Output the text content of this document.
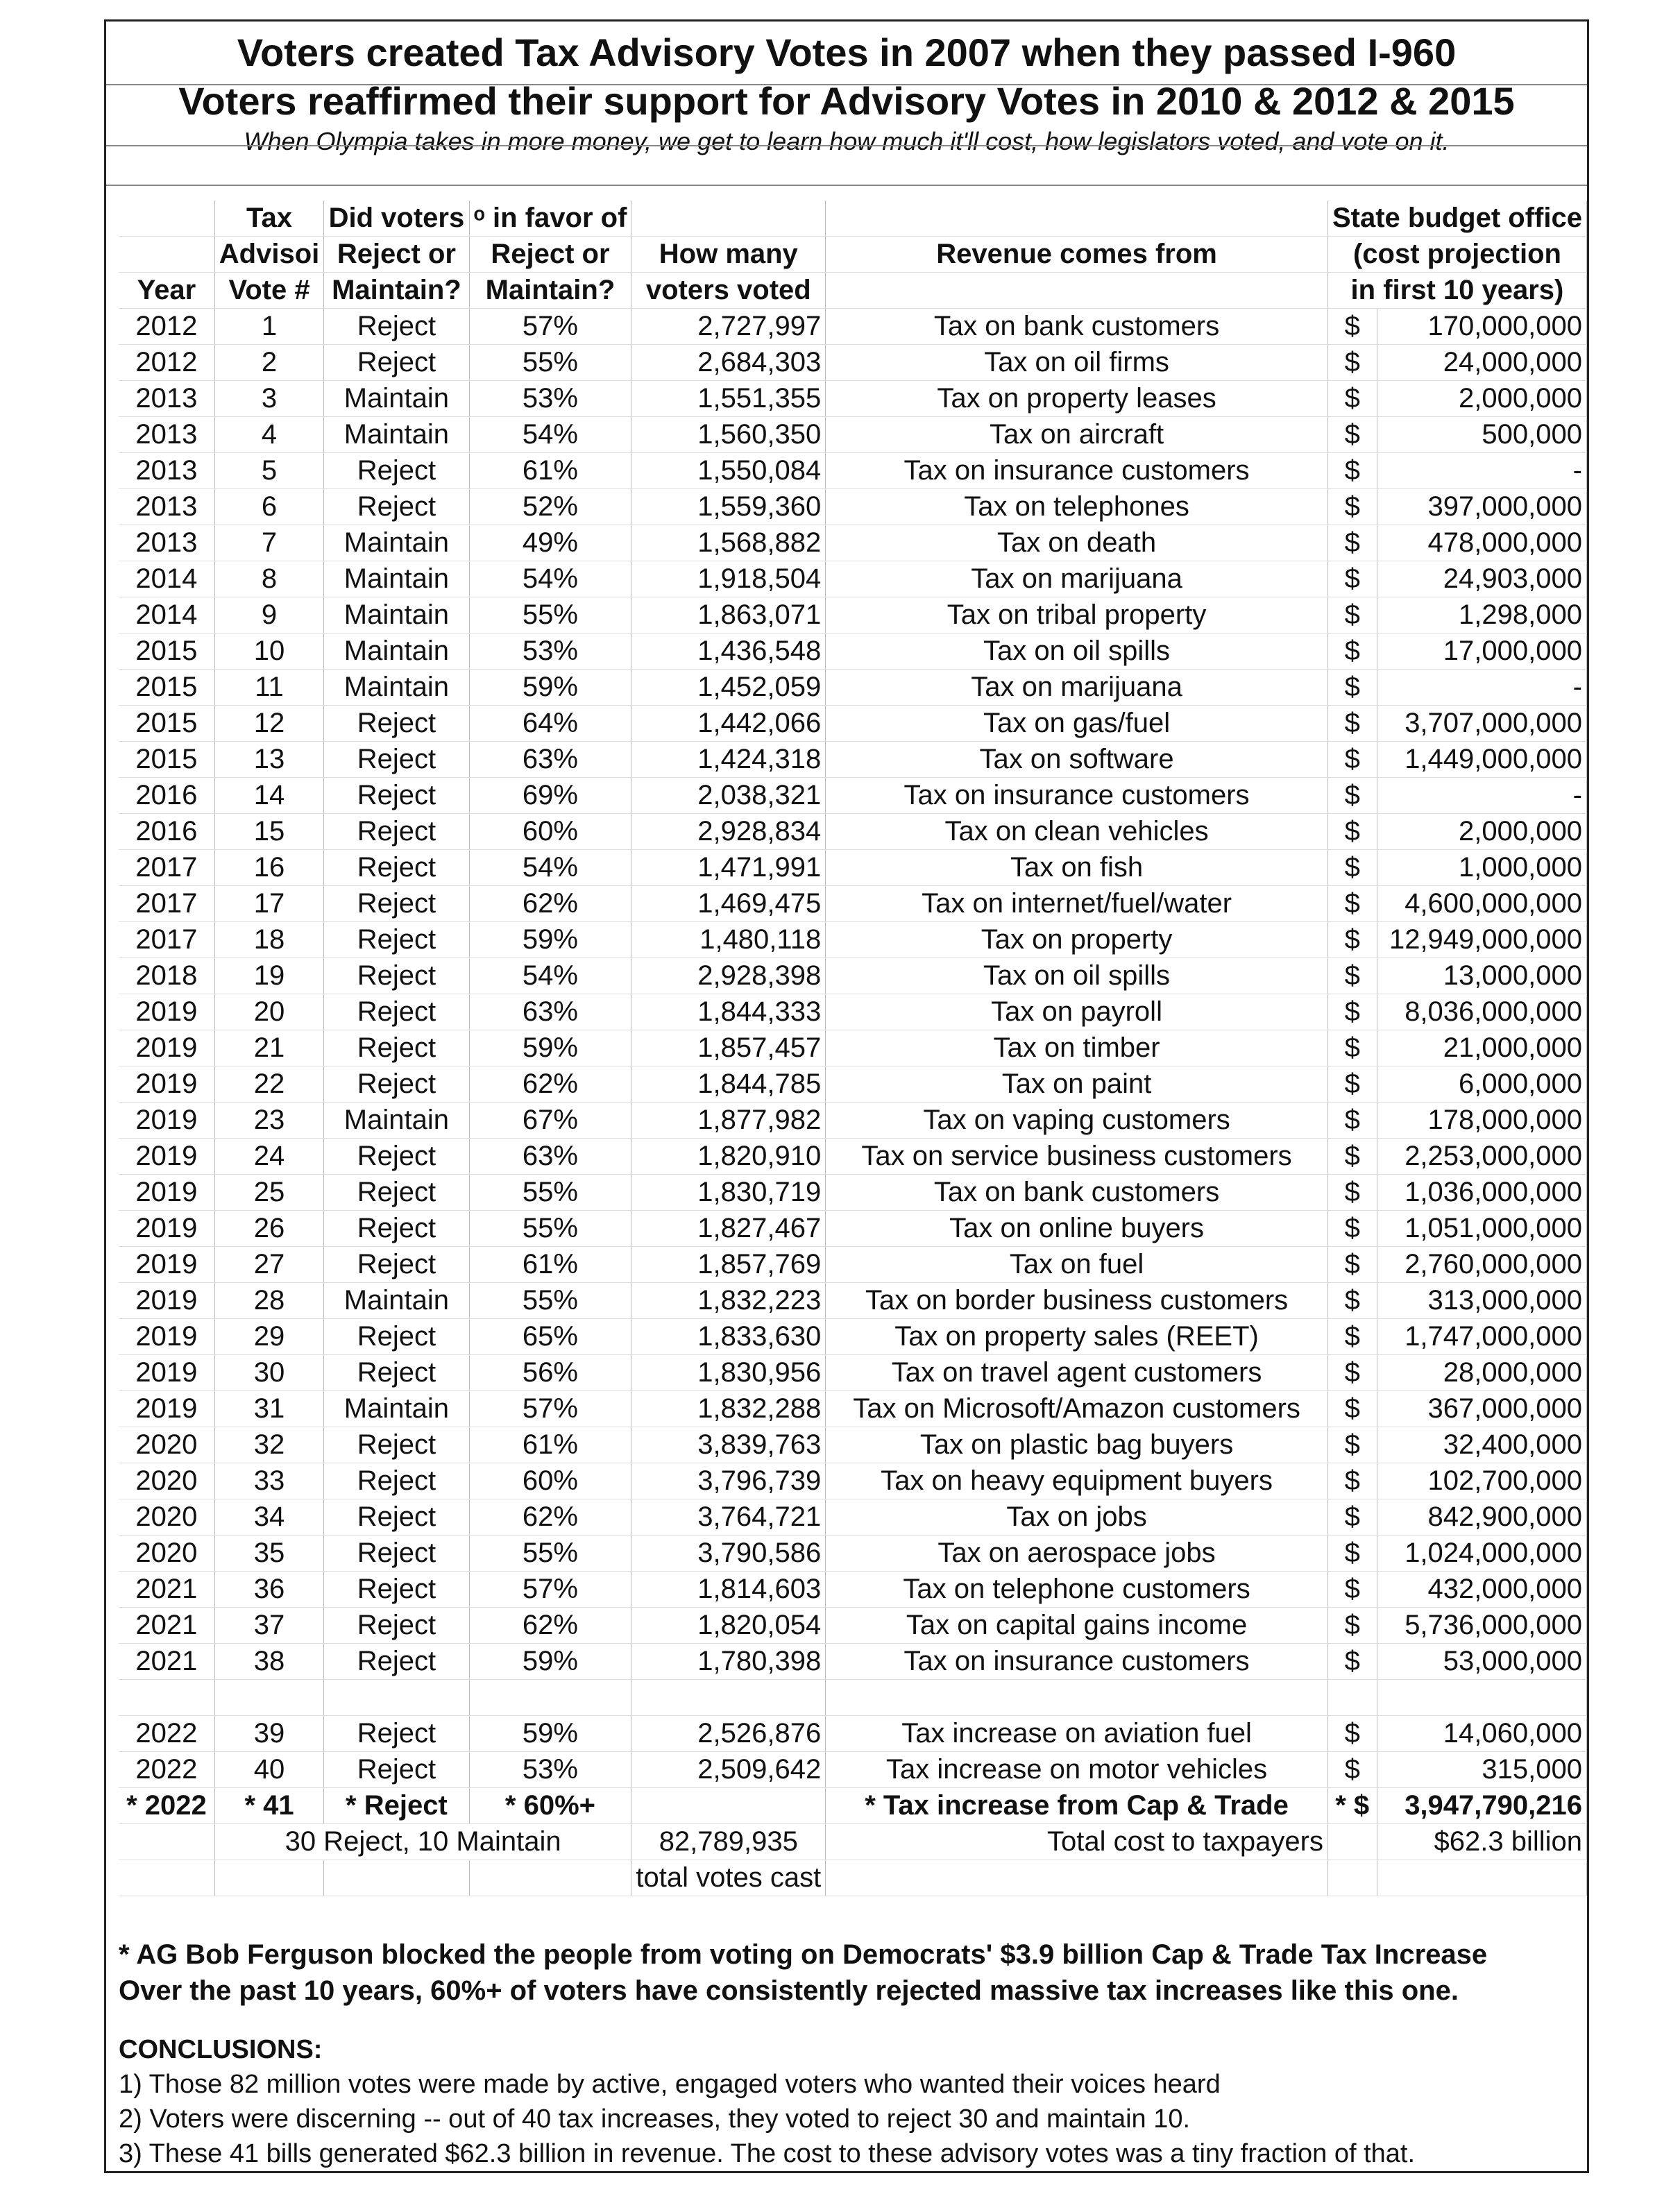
Voters created Tax Advisory Votes in 2007 when they passed I-960
Voters reaffirmed their support for Advisory Votes in 2010 & 2012 & 2015
When Olympia takes in more money, we get to learn how much it'll cost, how legislators voted, and vote on it.
	Tax	Did voters	ᵒ in favor of			State budget office	
	Advisoi	Reject or	Reject or	How many	Revenue comes from	(cost projection	
Year	Vote #	Maintain?	Maintain?	voters voted		in first 10 years)	
2012	1	Reject	57%	2,727,997	Tax on bank customers	$	170,000,000
2012	2	Reject	55%	2,684,303	Tax on oil firms	$	24,000,000
2013	3	Maintain	53%	1,551,355	Tax on property leases	$	2,000,000
2013	4	Maintain	54%	1,560,350	Tax on aircraft	$	500,000
2013	5	Reject	61%	1,550,084	Tax on insurance customers	$	-
2013	6	Reject	52%	1,559,360	Tax on telephones	$	397,000,000
2013	7	Maintain	49%	1,568,882	Tax on death	$	478,000,000
2014	8	Maintain	54%	1,918,504	Tax on marijuana	$	24,903,000
2014	9	Maintain	55%	1,863,071	Tax on tribal property	$	1,298,000
2015	10	Maintain	53%	1,436,548	Tax on oil spills	$	17,000,000
2015	11	Maintain	59%	1,452,059	Tax on marijuana	$	-
2015	12	Reject	64%	1,442,066	Tax on gas/fuel	$	3,707,000,000
2015	13	Reject	63%	1,424,318	Tax on software	$	1,449,000,000
2016	14	Reject	69%	2,038,321	Tax on insurance customers	$	-
2016	15	Reject	60%	2,928,834	Tax on clean vehicles	$	2,000,000
2017	16	Reject	54%	1,471,991	Tax on fish	$	1,000,000
2017	17	Reject	62%	1,469,475	Tax on internet/fuel/water	$	4,600,000,000
2017	18	Reject	59%	1,480,118	Tax on property	$	12,949,000,000
2018	19	Reject	54%	2,928,398	Tax on oil spills	$	13,000,000
2019	20	Reject	63%	1,844,333	Tax on payroll	$	8,036,000,000
2019	21	Reject	59%	1,857,457	Tax on timber	$	21,000,000
2019	22	Reject	62%	1,844,785	Tax on paint	$	6,000,000
2019	23	Maintain	67%	1,877,982	Tax on vaping customers	$	178,000,000
2019	24	Reject	63%	1,820,910	Tax on service business customers	$	2,253,000,000
2019	25	Reject	55%	1,830,719	Tax on bank customers	$	1,036,000,000
2019	26	Reject	55%	1,827,467	Tax on online buyers	$	1,051,000,000
2019	27	Reject	61%	1,857,769	Tax on fuel	$	2,760,000,000
2019	28	Maintain	55%	1,832,223	Tax on border business customers	$	313,000,000
2019	29	Reject	65%	1,833,630	Tax on property sales (REET)	$	1,747,000,000
2019	30	Reject	56%	1,830,956	Tax on travel agent customers	$	28,000,000
2019	31	Maintain	57%	1,832,288	Tax on Microsoft/Amazon customers	$	367,000,000
2020	32	Reject	61%	3,839,763	Tax on plastic bag buyers	$	32,400,000
2020	33	Reject	60%	3,796,739	Tax on heavy equipment buyers	$	102,700,000
2020	34	Reject	62%	3,764,721	Tax on jobs	$	842,900,000
2020	35	Reject	55%	3,790,586	Tax on aerospace jobs	$	1,024,000,000
2021	36	Reject	57%	1,814,603	Tax on telephone customers	$	432,000,000
2021	37	Reject	62%	1,820,054	Tax on capital gains income	$	5,736,000,000
2021	38	Reject	59%	1,780,398	Tax on insurance customers	$	53,000,000

2022	39	Reject	59%	2,526,876	Tax increase on aviation fuel	$	14,060,000
2022	40	Reject	53%	2,509,642	Tax increase on motor vehicles	$	315,000
* 2022	* 41	* Reject	* 60%+		* Tax increase from Cap & Trade	* $	3,947,790,216
	30 Reject, 10 Maintain			82,789,935	Total cost to taxpayers		$62.3 billion
				total votes cast			
* AG Bob Ferguson blocked the people from voting on Democrats' $3.9 billion Cap & Trade Tax Increase
Over the past 10 years, 60%+ of voters have consistently rejected massive tax increases like this one.
CONCLUSIONS:
1) Those 82 million votes were made by active, engaged voters who wanted their voices heard
2) Voters were discerning -- out of 40 tax increases, they voted to reject 30 and maintain 10.
3) These 41 bills generated $62.3 billion in revenue. The cost to these advisory votes was a tiny fraction of that.
